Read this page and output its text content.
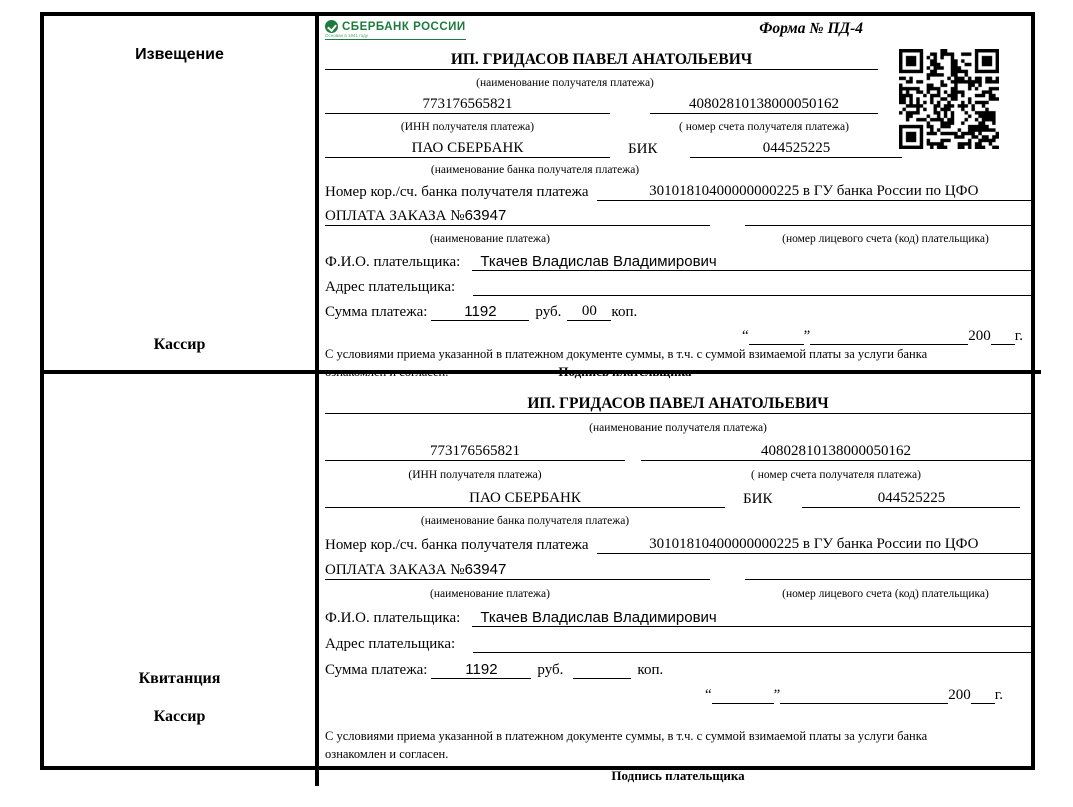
Извещение
Кассир
СБЕРБАНК РОССИИ
Основан в 1841 году	Форма № ПД-4
ИП. ГРИДАСОВ ПАВЕЛ АНАТОЛЬЕВИЧ
(наименование получателя платежа)
773176565821	40802810138000050162
(ИНН получателя платежа)	( номер счета получателя платежа)
ПАО СБЕРБАНК	БИК	044525225
(наименование банка получателя платежа)
Номер кор./сч. банка получателя платежа	30101810400000000225 в ГУ банка России по ЦФО
ОПЛАТА ЗАКАЗА №63947
(наименование платежа)	(номер лицевого счета (код) плательщика)
Ф.И.О. плательщика:	Ткачев Владислав Владимирович
Адрес плательщика:
Сумма платежа:	1192	руб.	00 коп.
“	”	200 г.
С условиями приема указанной в платежном документе суммы, в т.ч. с суммой взимаемой платы за услуги банка
ознакомлен и согласен.	Подпись плательщика
Квитанция
Кассир
ИП. ГРИДАСОВ ПАВЕЛ АНАТОЛЬЕВИЧ
(наименование получателя платежа)
773176565821	40802810138000050162
(ИНН получателя платежа)	( номер счета получателя платежа)
ПАО СБЕРБАНК	БИК	044525225
(наименование банка получателя платежа)
Номер кор./сч. банка получателя платежа	30101810400000000225 в ГУ банка России по ЦФО
ОПЛАТА ЗАКАЗА №63947
(наименование платежа)	(номер лицевого счета (код) плательщика)
Ф.И.О. плательщика:	Ткачев Владислав Владимирович
Адрес плательщика:
Сумма платежа:	1192	руб.	коп.
“	”	200 г.
С условиями приема указанной в платежном документе суммы, в т.ч. с суммой взимаемой платы за услуги банка
ознакомлен и согласен.
Подпись плательщика
